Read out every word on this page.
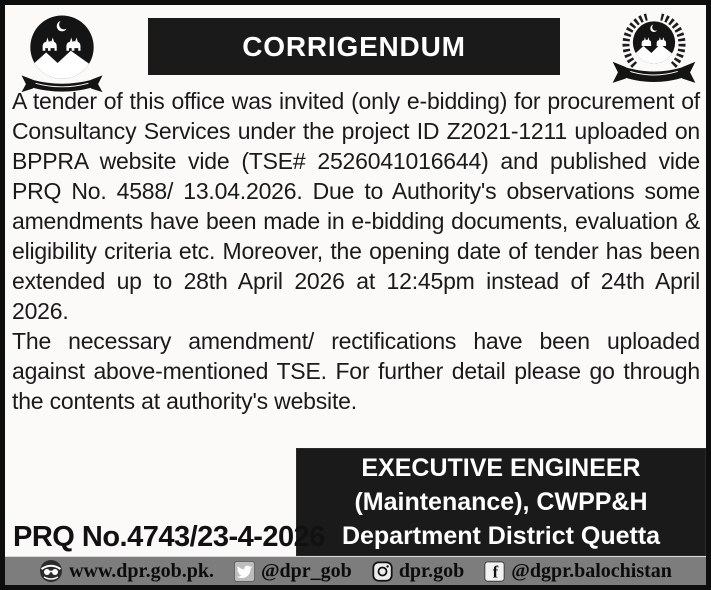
CORRIGENDUM
A tender of this office was invited (only e-bidding) for procurement of
Consultancy Services under the project ID Z2021-1211 uploaded on
BPPRA website vide (TSE# 2526041016644) and published vide
PRQ No. 4588/ 13.04.2026. Due to Authority's observations some
amendments have been made in e-bidding documents, evaluation &
eligibility criteria etc. Moreover, the opening date of tender has been
extended up to 28th April 2026 at 12:45pm instead of 24th April 2026.
The necessary amendment/ rectifications have been uploaded
against above-mentioned TSE. For further detail please go through
the contents at authority's website.
EXECUTIVE ENGINEER
(Maintenance), CWPP&H
Department District Quetta
PRQ No.4743/23-4-2026
www.dpr.gob.pk. @dpr_gob dpr.gob f @dgpr.balochistan
